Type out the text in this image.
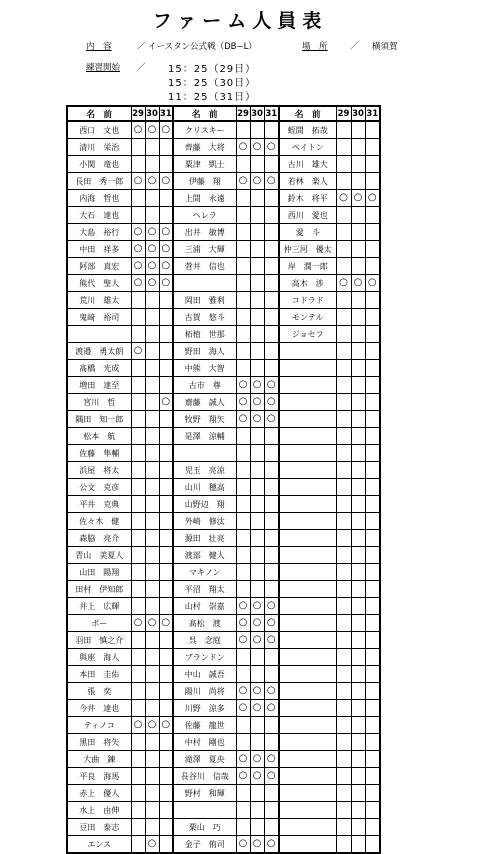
ファーム人員表
内　容	／ イースタン公式戦（DB−L）	場　所	／ 横須賀
練習開始 ／ 15：25（29日）
15：25（30日）
11：25（31日）
名　前	29	30	31	名　前	29	30	31	名　前	29	30	31
西口　文也	○	○	○	クリスキー				蛭間　拓哉			
清川　栄治				齊藤　大将	○	○	○	ペイトン			
小関　竜也				粟津　凱士				古川　雄大			
長田　秀一郎	○	○	○	伊藤　翔	○	○	○	若林　楽人			
内海　哲也				上間　永遠				鈴木　将平	○	○	○
大石　達也				ヘレラ				西川　愛也			
大島　裕行	○	○	○	出井　敏博				愛　斗			
中田　祥多	○	○	○	三浦　大輝				仲三河　優太			
阿部　真宏	○	○	○	菅井　信也				岸　潤一郎			
熊代　聖人	○	○	○					高木　渉	○	○	○
荒川　雄太				岡田　雅利				コドラド			
鬼﨑　裕司				古賀　悠斗				モンテル			
				柘植　世那				ジョセフ			
渡邉　勇太朗	○			野田　海人							
髙橋　光成				中熊　大智							
増田　達至				古市　尊	○	○	○				
宮川　哲			○	齋藤　誠人	○	○	○				
隅田　知一郎				牧野　翔矢	○	○	○				
松本　航				是澤　涼輔							
佐藤　隼輔											
浜屋　将太				児玉　亮涼							
公文　克彦				山川　穂高							
平井　克典				山野辺　翔							
佐々木　健				外崎　修汰							
森脇　亮介				源田　壮亮							
青山　美夏人				渡部　健人							
山田　陽翔				マキノン							
田村　伊知郎				平沼　翔太							
井上　広輝				山村　崇嘉	○	○	○				
ボー	○	○	○	髙松　渡	○	○	○				
羽田　慎之介				呉　念庭	○	○	○				
與座　海人				ブランドン							
本田　圭佑				中山　誠吾							
張　奕				陽川　尚将	○	○	○				
今井　達也				川野　涼多	○	○	○				
ティノコ	○	○	○	佐藤　龍世							
黒田　将矢				中村　剛也							
大曲　錬				滝澤　夏央	○	○	○				
平良　海馬				長谷川　信哉	○	○	○				
赤上　優人				野村　和輝							
水上　由伸											
豆田　泰志				栗山　巧							
エンス		○		金子　侑司	○	○	○				
